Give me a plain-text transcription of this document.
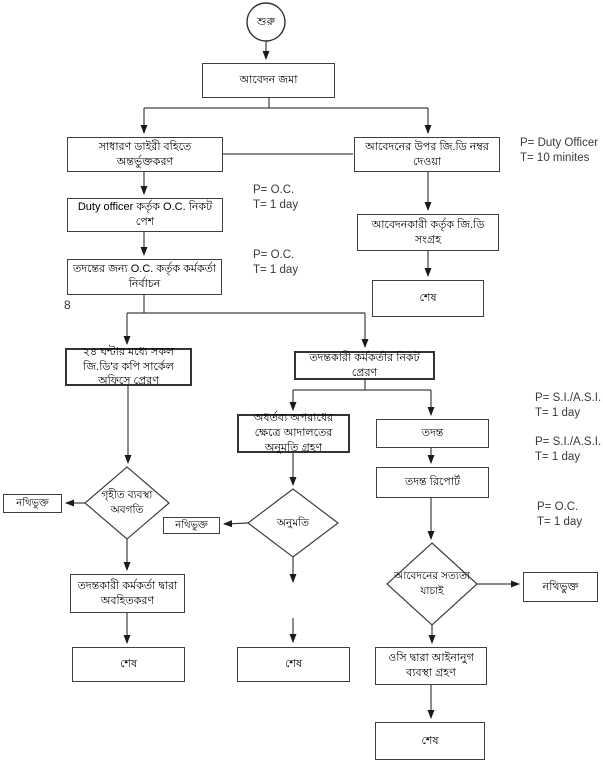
শুরু
আবেদন জমা
সাধারণ ডাইরী বহিতে অন্তর্ভুক্তকরণ
আবেদনের উপর জি.ডি নম্বর দেওয়া
Duty officer কর্তৃক O.C. নিকট পেশ
তদন্তের জন্য O.C. কর্তৃক কর্মকর্তা নির্বাচন
আবেদনকারী কর্তৃক জি.ডি সংগ্রহ
শেষ
২৪ ঘন্টার মধ্যে সকল জি.ডি'র কপি সার্কেল অফিসে প্রেরণ
তদন্তকারী কর্মকর্তার নিকট প্রেরণ
অধর্তব্য অপরাধের ক্ষেত্রে আদালতের অনুমতি গ্রহণ
তদন্ত
তদন্ত রিপোর্ট
নথিভুক্ত
নথিভুক্ত
নথিভুক্ত
তদন্তকারী কর্মকর্তা দ্বারা অবহিতকরণ
শেষ	শেষ	ওসি দ্বারা আইনানুগ ব্যবস্থা গ্রহণ
শেষ
গৃহীত ব্যবস্থা অবগতি
অনুমতি
আবেদনের সত্যতা যাচাই
8
P= Duty Officer
T= 10 minites
P= O.C.
T= 1 day
P= O.C.
T= 1 day
P= S.I./A.S.I.
T= 1 day
P= S.I./A.S.I.
T= 1 day
P= O.C.
T= 1 day
